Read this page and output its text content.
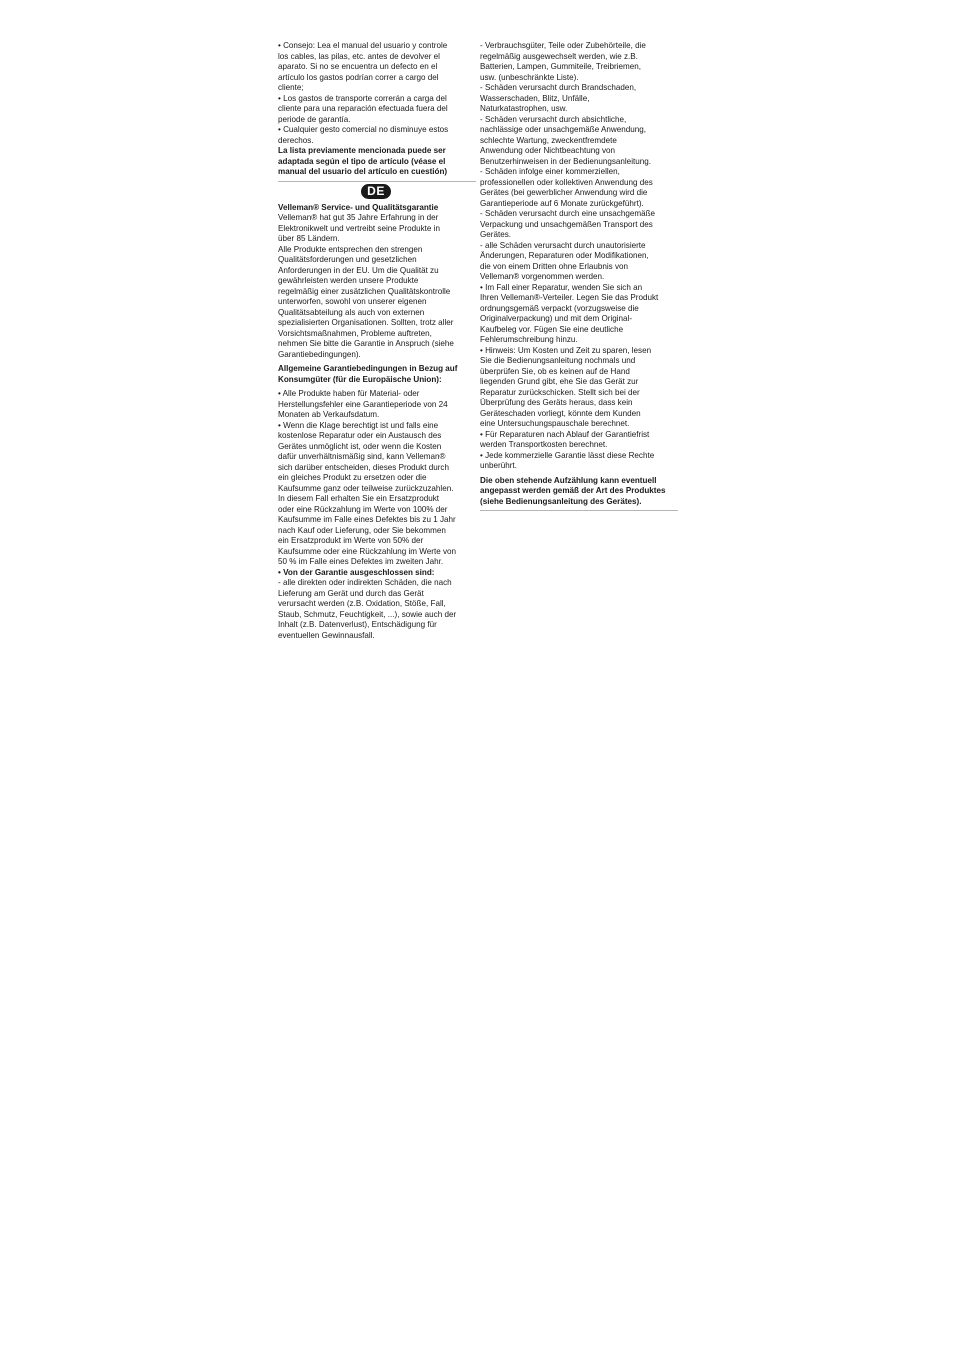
• Consejo: Lea el manual del usuario y controle
los cables, las pilas, etc. antes de devolver el
aparato. Si no se encuentra un defecto en el
artículo los gastos podrían correr a cargo del
cliente;
• Los gastos de transporte correrán a carga del
cliente para una reparación efectuada fuera del
periode de garantía.
• Cualquier gesto comercial no disminuye estos
derechos.

La lista previamente mencionada puede ser
adaptada según el tipo de artículo (véase el
manual del usuario del artículo en cuestión)

DE

Velleman® Service- und Qualitätsgarantie

Velleman® hat gut 35 Jahre Erfahrung in der
Elektronikwelt und vertreibt seine Produkte in
über 85 Ländern.
Alle Produkte entsprechen den strengen
Qualitätsforderungen und gesetzlichen
Anforderungen in der EU. Um die Qualität zu
gewährleisten werden unsere Produkte
regelmäßig einer zusätzlichen Qualitätskontrolle
unterworfen, sowohl von unserer eigenen
Qualitätsabteilung als auch von externen
spezialisierten Organisationen. Sollten, trotz aller
Vorsichtsmaßnahmen, Probleme auftreten,
nehmen Sie bitte die Garantie in Anspruch (siehe
Garantiebedingungen).

Allgemeine Garantiebedingungen in Bezug auf
Konsumgüter (für die Europäische Union):

• Alle Produkte haben für Material- oder
Herstellungsfehler eine Garantieperiode von 24
Monaten ab Verkaufsdatum.
• Wenn die Klage berechtigt ist und falls eine
kostenlose Reparatur oder ein Austausch des
Gerätes unmöglicht ist, oder wenn die Kosten
dafür unverhältnismäßig sind, kann Velleman®
sich darüber entscheiden, dieses Produkt durch
ein gleiches Produkt zu ersetzen oder die
Kaufsumme ganz oder teilweise zurückzuzahlen.
In diesem Fall erhalten Sie ein Ersatzprodukt
oder eine Rückzahlung im Werte von 100% der
Kaufsumme im Falle eines Defektes bis zu 1 Jahr
nach Kauf oder Lieferung, oder Sie bekommen
ein Ersatzprodukt im Werte von 50% der
Kaufsumme oder eine Rückzahlung im Werte von
50 % im Falle eines Defektes im zweiten Jahr.

• Von der Garantie ausgeschlossen sind:

- alle direkten oder indirekten Schäden, die nach
Lieferung am Gerät und durch das Gerät
verursacht werden (z.B. Oxidation, Stöße, Fall,
Staub, Schmutz, Feuchtigkeit, ...), sowie auch der
Inhalt (z.B. Datenverlust), Entschädigung für
eventuellen Gewinnausfall.

- Verbrauchsgüter, Teile oder Zubehörteile, die
regelmäßig ausgewechselt werden, wie z.B.
Batterien, Lampen, Gummiteile, Treibriemen,
usw. (unbeschränkte Liste).
- Schäden verursacht durch Brandschaden,
Wasserschaden, Blitz, Unfälle,
Naturkatastrophen, usw.
- Schäden verursacht durch absichtliche,
nachlässige oder unsachgemäße Anwendung,
schlechte Wartung, zweckentfremdete
Anwendung oder Nichtbeachtung von
Benutzerhinweisen in der Bedienungsanleitung.
- Schäden infolge einer kommerziellen,
professionellen oder kollektiven Anwendung des
Gerätes (bei gewerblicher Anwendung wird die
Garantieperiode auf 6 Monate zurückgeführt).
- Schäden verursacht durch eine unsachgemäße
Verpackung und unsachgemäßen Transport des
Gerätes.
- alle Schäden verursacht durch unautorisierte
Änderungen, Reparaturen oder Modifikationen,
die von einem Dritten ohne Erlaubnis von
Velleman® vorgenommen werden.
• Im Fall einer Reparatur, wenden Sie sich an
Ihren Velleman®-Verteiler. Legen Sie das Produkt
ordnungsgemäß verpackt (vorzugsweise die
Originalverpackung) und mit dem Original-
Kaufbeleg vor. Fügen Sie eine deutliche
Fehlerumschreibung hinzu.
• Hinweis: Um Kosten und Zeit zu sparen, lesen
Sie die Bedienungsanleitung nochmals und
überprüfen Sie, ob es keinen auf de Hand
liegenden Grund gibt, ehe Sie das Gerät zur
Reparatur zurückschicken. Stellt sich bei der
Überprüfung des Geräts heraus, dass kein
Geräteschaden vorliegt, könnte dem Kunden
eine Untersuchungspauschale berechnet.
• Für Reparaturen nach Ablauf der Garantiefrist
werden Transportkosten berechnet.
• Jede kommerzielle Garantie lässt diese Rechte
unberührt.

Die oben stehende Aufzählung kann eventuell
angepasst werden gemäß der Art des Produktes
(siehe Bedienungsanleitung des Gerätes).
